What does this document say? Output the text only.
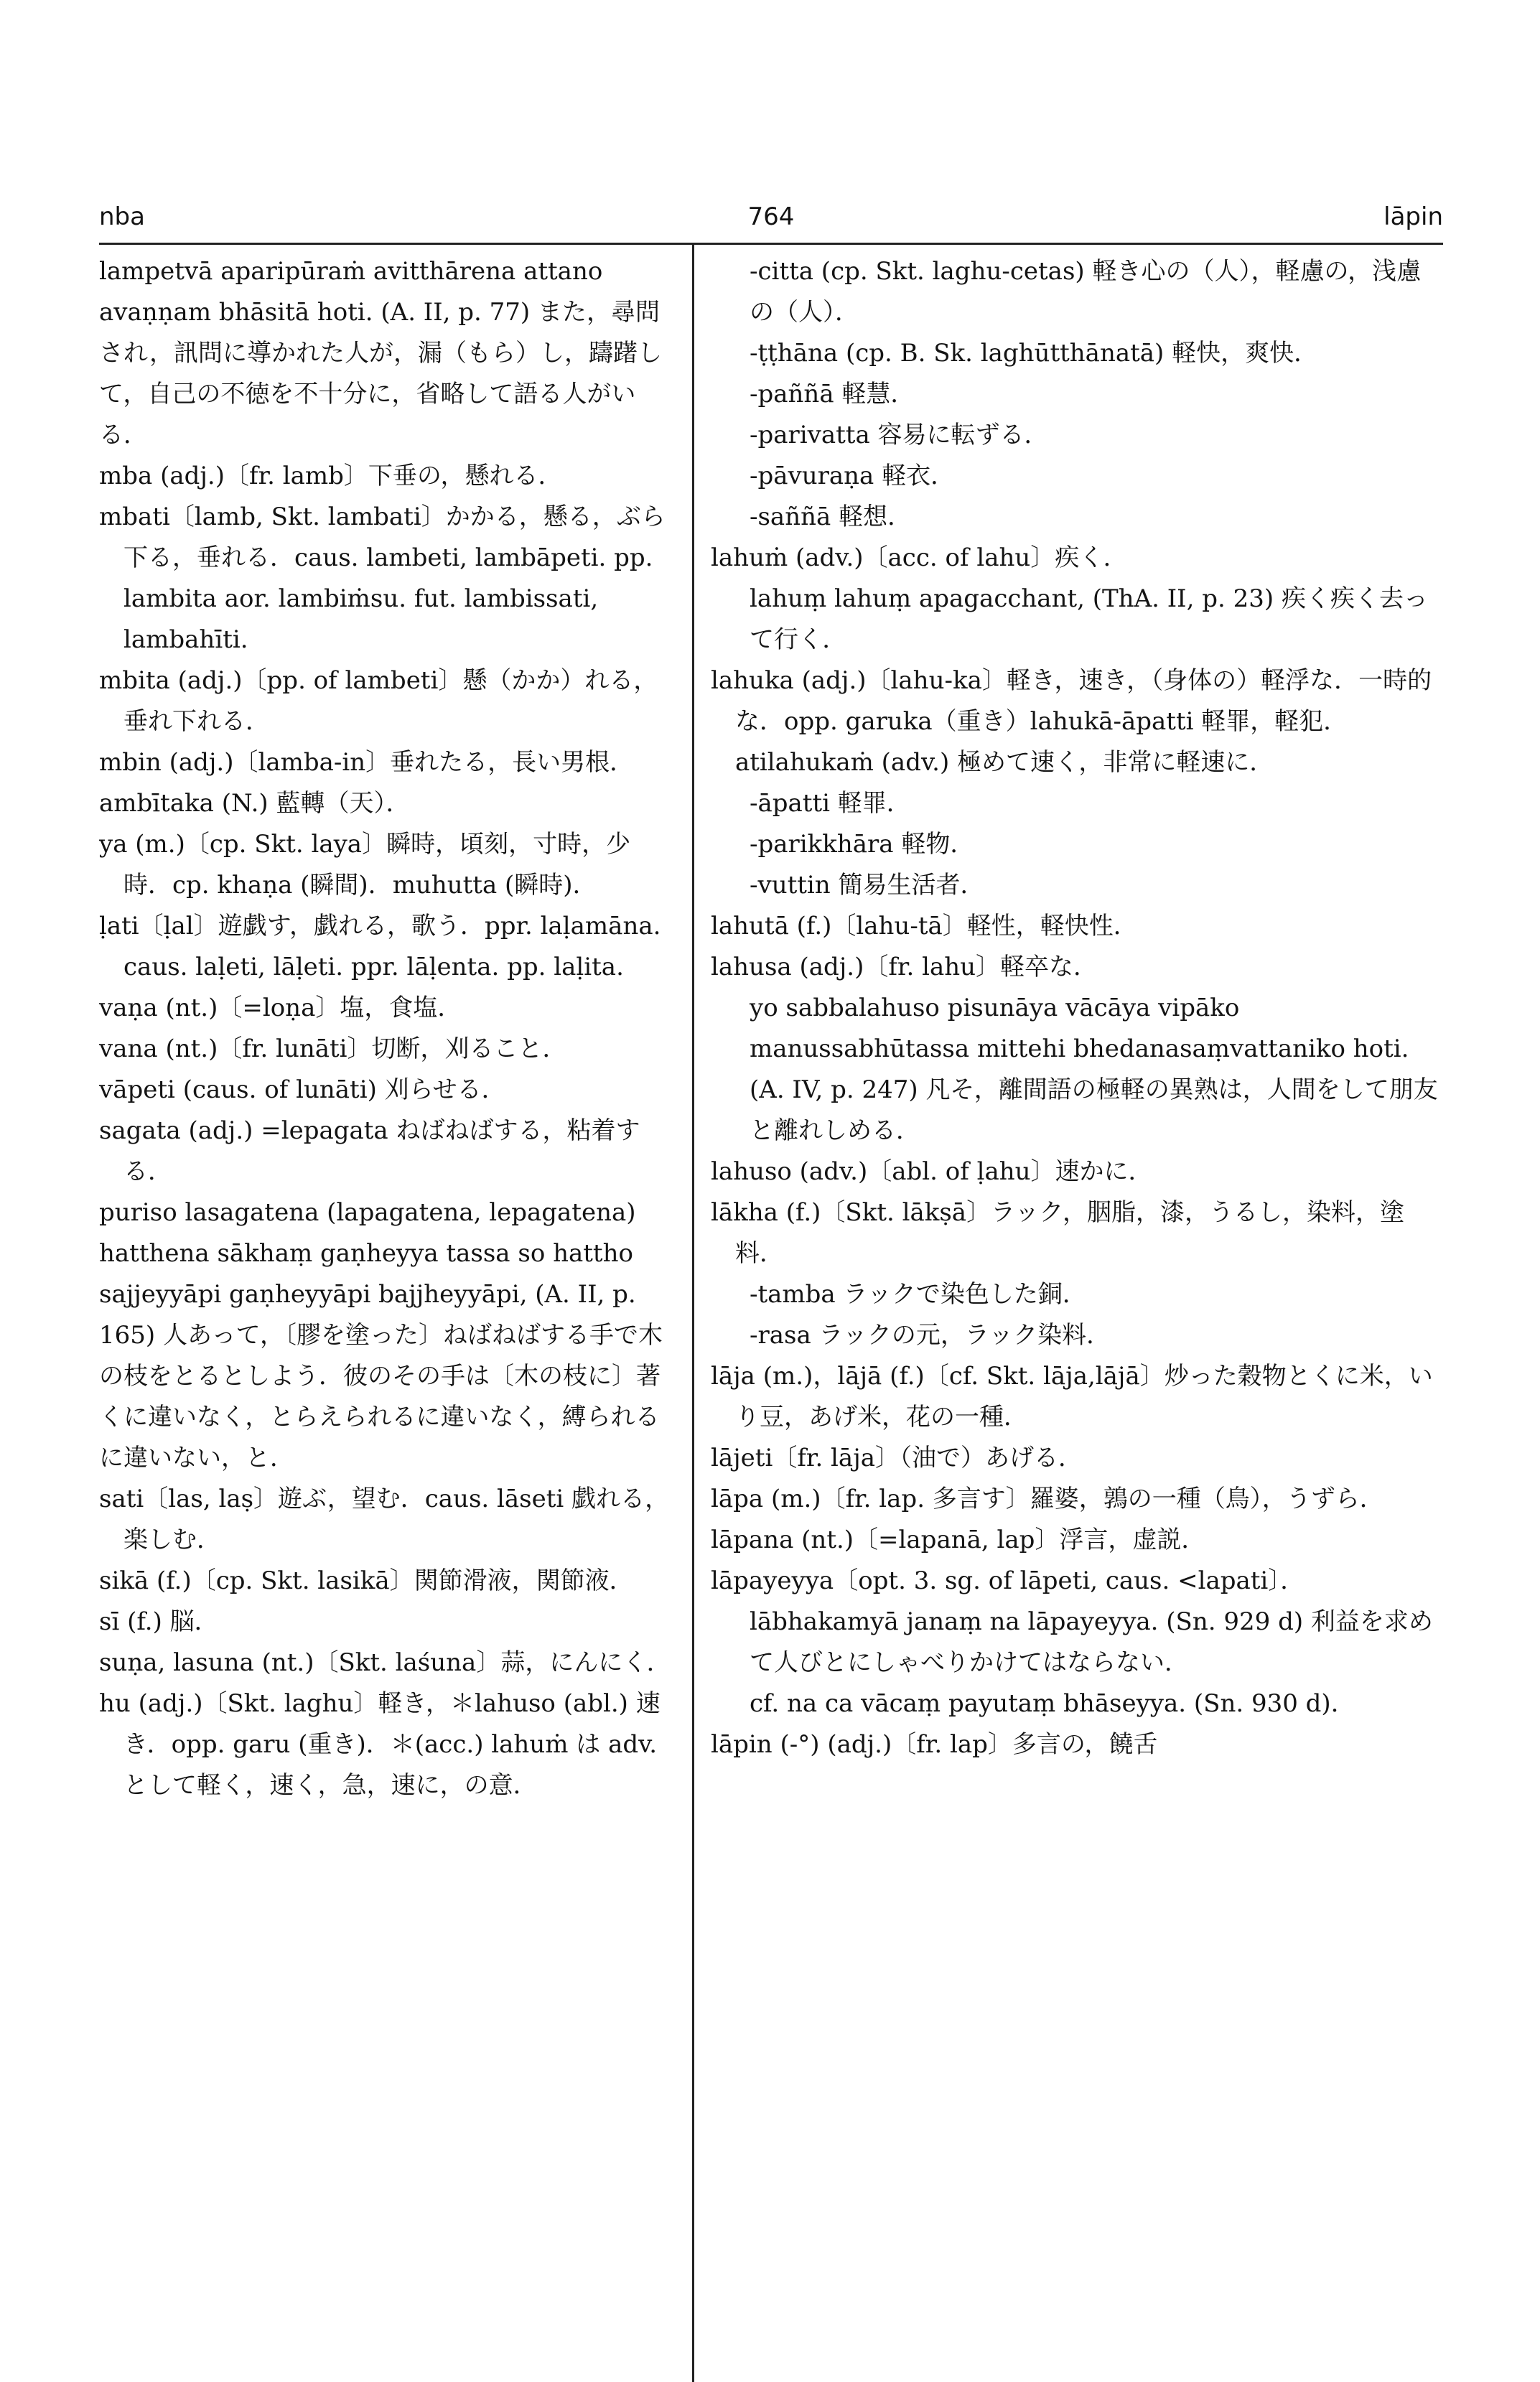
nba	764	lāpin

lampetvā aparipūraṁ avitthārena attano avaṇṇam bhāsitā hoti. (A. II, p. 77) また，尋問され，訊問に導かれた人が，漏（もら）し，躊躇して，自己の不徳を不十分に，省略して語る人がいる．

mba (adj.)〔fr. lamb〕下垂の，懸れる．

mbati〔lamb, Skt. lambati〕かかる，懸る，ぶら下る，垂れる．caus. lambeti, lambāpeti. pp. lambita aor. lambiṁsu. fut. lambissati, lambahīti.

mbita (adj.)〔pp. of lambeti〕懸（かか）れる，垂れ下れる．

mbin (adj.)〔lamba-in〕垂れたる，長い男根．

ambītaka (N.) 藍轉（天）．

ya (m.)〔cp. Skt. laya〕瞬時，頃刻，寸時，少時．cp. khaṇa (瞬間)．muhutta (瞬時)．

ḷati〔ḷal〕遊戯す，戯れる，歌う．ppr. laḷamāna. caus. laḷeti, lāḷeti. ppr. lāḷenta. pp. laḷita.

vaṇa (nt.)〔=loṇa〕塩，食塩．

vana (nt.)〔fr. lunāti〕切断，刈ること．

vāpeti (caus. of lunāti) 刈らせる．

sagata (adj.) =lepagata ねばねばする，粘着する．

puriso lasagatena (lapagatena, lepagatena) hatthena sākhaṃ gaṇheyya tassa so hattho sajjeyyāpi gaṇheyyāpi bajjheyyāpi, (A. II, p. 165) 人あって，〔膠を塗った〕ねばねばする手で木の枝をとるとしよう．彼のその手は〔木の枝に〕著くに違いなく，とらえられるに違いなく，縛られるに違いない，と．

sati〔las, laṣ〕遊ぶ，望む．caus. lāseti 戯れる，楽しむ．

sikā (f.)〔cp. Skt. lasikā〕関節滑液，関節液．

sī (f.) 脳．

suṇa, lasuna (nt.)〔Skt. laśuna〕蒜，にんにく．

hu (adj.)〔Skt. laghu〕軽き，＊lahuso (abl.) 速き．opp. garu (重き)．＊(acc.) lahuṁ は adv. として軽く，速く，急，速に，の意．

-citta (cp. Skt. laghu-cetas) 軽き心の（人），軽慮の，浅慮の（人）．

-ṭṭhāna (cp. B. Sk. laghūtthānatā) 軽快，爽快．

-paññā 軽慧．

-parivatta 容易に転ずる．

-pāvuraṇa 軽衣．

-saññā 軽想．

lahuṁ (adv.)〔acc. of lahu〕疾く．

lahuṃ lahuṃ apagacchant, (ThA. II, p. 23) 疾く疾く去って行く．

lahuka (adj.)〔lahu-ka〕軽き，速き，（身体の）軽浮な．一時的な．opp. garuka（重き）lahukā-āpatti 軽罪，軽犯．atilahukaṁ (adv.) 極めて速く，非常に軽速に．

-āpatti 軽罪．

-parikkhāra 軽物．

-vuttin 簡易生活者．

lahutā (f.)〔lahu-tā〕軽性，軽快性．

lahusa (adj.)〔fr. lahu〕軽卒な．

yo sabbalahuso pisunāya vācāya vipāko manussabhūtassa mittehi bhedanasaṃvattaniko hoti. (A. IV, p. 247) 凡そ，離間語の極軽の異熟は，人間をして朋友と離れしめる．

lahuso (adv.)〔abl. of ḷahu〕速かに．

lākha (f.)〔Skt. lākṣā〕ラック，胭脂，漆，うるし，染料，塗料．

-tamba ラックで染色した銅．

-rasa ラックの元，ラック染料．

lāja (m.)，lājā (f.)〔cf. Skt. lāja,lājā〕炒った穀物とくに米，いり豆，あげ米，花の一種．

lājeti〔fr. lāja〕（油で）あげる．

lāpa (m.)〔fr. lap. 多言す〕羅婆，鶉の一種（鳥），うずら．

lāpana (nt.)〔=lapanā, lap〕浮言，虚説．

lāpayeyya〔opt. 3. sg. of lāpeti, caus. <lapati〕．

lābhakamyā janaṃ na lāpayeyya. (Sn. 929 d) 利益を求めて人びとにしゃべりかけてはならない．

cf. na ca vācaṃ payutaṃ bhāseyya. (Sn. 930 d)．

lāpin (-°) (adj.)〔fr. lap〕多言の，饒舌
